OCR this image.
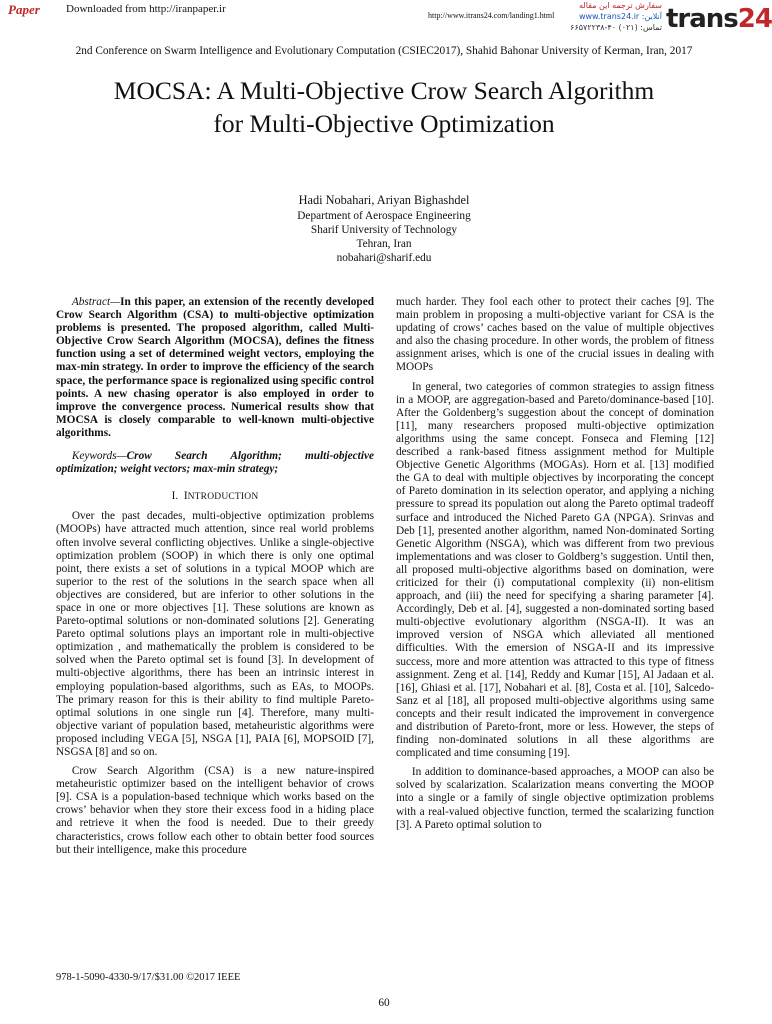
Paper	Downloaded from http://iranpaper.ir
http://www.itrans24.com/landing1.html
سفارش ترجمه این مقاله
آنلاین: www.trans24.ir
تماس: (۰۲۱) ۴۰-۶۶۵۷۲۲۳۸ trans24
2nd Conference on Swarm Intelligence and Evolutionary Computation (CSIEC2017), Shahid Bahonar University of Kerman, Iran, 2017
MOCSA: A Multi-Objective Crow Search Algorithm
for Multi-Objective Optimization
Hadi Nobahari, Ariyan Bighashdel
Department of Aerospace Engineering
Sharif University of Technology
Tehran, Iran
nobahari@sharif.edu

Abstract—In this paper, an extension of the recently developed Crow Search Algorithm (CSA) to multi-objective optimization problems is presented. The proposed algorithm, called Multi-Objective Crow Search Algorithm (MOCSA), defines the fitness function using a set of determined weight vectors, employing the max-min strategy. In order to improve the efficiency of the search space, the performance space is regionalized using specific control points. A new chasing operator is also employed in order to improve the convergence process. Numerical results show that MOCSA is closely comparable to well-known multi-objective algorithms.

Keywords—Crow Search Algorithm; multi-objective optimization; weight vectors; max-min strategy;

I. INTRODUCTION

Over the past decades, multi-objective optimization problems (MOOPs) have attracted much attention, since real world problems often involve several conflicting objectives. Unlike a single-objective optimization problem (SOOP) in which there is only one optimal point, there exists a set of solutions in a typical MOOP which are superior to the rest of the solutions in the search space when all objectives are considered, but are inferior to other solutions in the space in one or more objectives [1]. These solutions are known as Pareto-optimal solutions or non-dominated solutions [2]. Generating Pareto optimal solutions plays an important role in multi-objective optimization , and mathematically the problem is considered to be solved when the Pareto optimal set is found [3]. In development of multi-objective algorithms, there has been an intrinsic interest in employing population-based algorithms, such as EAs, to MOOPs. The primary reason for this is their ability to find multiple Pareto-optimal solutions in one single run [4]. Therefore, many multi-objective variant of population based, metaheuristic algorithms were proposed including VEGA [5], NSGA [1], PAIA [6], MOPSOID [7], NSGSA [8] and so on.

Crow Search Algorithm (CSA) is a new nature-inspired metaheuristic optimizer based on the intelligent behavior of crows [9]. CSA is a population-based technique which works based on the crows’ behavior when they store their excess food in a hiding place and retrieve it when the food is needed. Due to their greedy characteristics, crows follow each other to obtain better food sources but their intelligence, make this procedure

much harder. They fool each other to protect their caches [9]. The main problem in proposing a multi-objective variant for CSA is the updating of crows’ caches based on the value of multiple objectives and also the chasing procedure. In other words, the problem of fitness assignment arises, which is one of the crucial issues in dealing with MOOPs

In general, two categories of common strategies to assign fitness in a MOOP, are aggregation-based and Pareto/dominance-based [10]. After the Goldenberg’s suggestion about the concept of domination [11], many researchers proposed multi-objective optimization algorithms using the same concept. Fonseca and Fleming [12] described a rank-based fitness assignment method for Multiple Objective Genetic Algorithms (MOGAs). Horn et al. [13] modified the GA to deal with multiple objectives by incorporating the concept of Pareto domination in its selection operator, and applying a niching pressure to spread its population out along the Pareto optimal tradeoff surface and introduced the Niched Pareto GA (NPGA). Srinvas and Deb [1], presented another algorithm, named Non-dominated Sorting Genetic Algorithm (NSGA), which was different from two previous implementations and was closer to Goldberg’s suggestion. Until then, all proposed multi-objective algorithms based on domination, were criticized for their (i) computational complexity (ii) non-elitism approach, and (iii) the need for specifying a sharing parameter [4]. Accordingly, Deb et al. [4], suggested a non-dominated sorting based multi-objective evolutionary algorithm (NSGA-II). It was an improved version of NSGA which alleviated all mentioned difficulties. With the emersion of NSGA-II and its impressive success, more and more attention was attracted to this type of fitness assignment. Zeng et al. [14], Reddy and Kumar [15], Al Jadaan et al. [16], Ghiasi et al. [17], Nobahari et al. [8], Costa et al. [10], Salcedo-Sanz et al [18], all proposed multi-objective algorithms using same concepts and their result indicated the improvement in convergence and distribution of Pareto-front, more or less. However, the steps of finding non-dominated solutions in all these algorithms are complicated and time consuming [19].

In addition to dominance-based approaches, a MOOP can also be solved by scalarization. Scalarization means converting the MOOP into a single or a family of single objective optimization problems with a real-valued objective function, termed the scalarizing function [3]. A Pareto optimal solution to

978-1-5090-4330-9/17/$31.00 ©2017 IEEE
60
